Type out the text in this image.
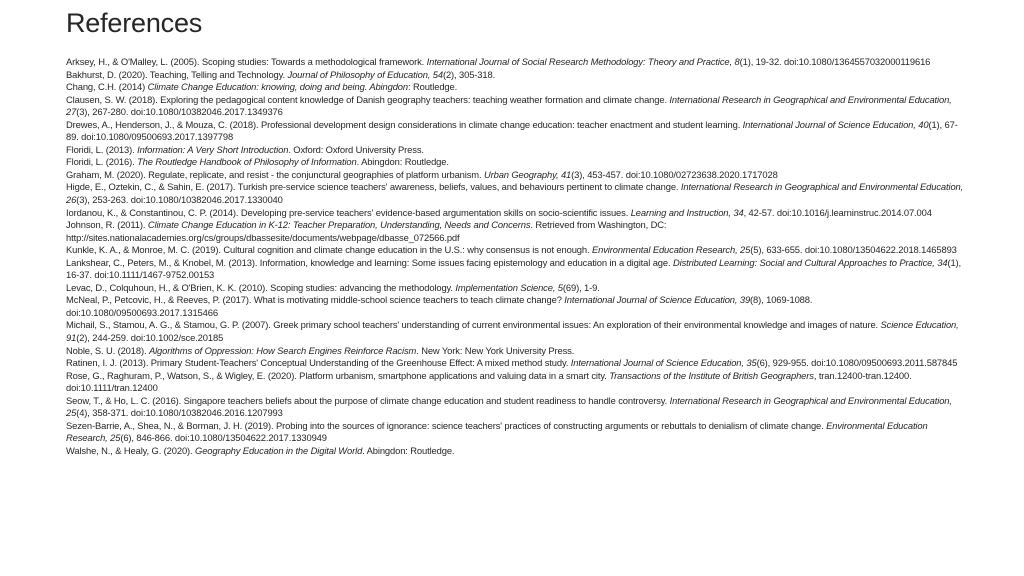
References

Arksey, H., & O'Malley, L. (2005). Scoping studies: Towards a methodological framework. International Journal of Social Research Methodology: Theory and Practice, 8(1), 19-32. doi:10.1080/1364557032000119616

Bakhurst, D. (2020). Teaching, Telling and Technology. Journal of Philosophy of Education, 54(2), 305-318.

Chang, C.H. (2014) Climate Change Education: knowing, doing and being. Abingdon: Routledge.

Clausen, S. W. (2018). Exploring the pedagogical content knowledge of Danish geography teachers: teaching weather formation and climate change. International Research in Geographical and Environmental Education, 27(3), 267-280. doi:10.1080/10382046.2017.1349376

Drewes, A., Henderson, J., & Mouza, C. (2018). Professional development design considerations in climate change education: teacher enactment and student learning. International Journal of Science Education, 40(1), 67-89. doi:10.1080/09500693.2017.1397798

Floridi, L. (2013). Information: A Very Short Introduction. Oxford: Oxford University Press.

Floridi, L. (2016). The Routledge Handbook of Philosophy of Information. Abingdon: Routledge.

Graham, M. (2020). Regulate, replicate, and resist - the conjunctural geographies of platform urbanism. Urban Geography, 41(3), 453-457. doi:10.1080/02723638.2020.1717028

Higde, E., Oztekin, C., & Sahin, E. (2017). Turkish pre-service science teachers' awareness, beliefs, values, and behaviours pertinent to climate change. International Research in Geographical and Environmental Education, 26(3), 253-263. doi:10.1080/10382046.2017.1330040

Iordanou, K., & Constantinou, C. P. (2014). Developing pre-service teachers' evidence-based argumentation skills on socio-scientific issues. Learning and Instruction, 34, 42-57. doi:10.1016/j.learninstruc.2014.07.004

Johnson, R. (2011). Climate Change Education in K-12: Teacher Preparation, Understanding, Needs and Concerns. Retrieved from Washington, DC: http://sites.nationalacademies.org/cs/groups/dbassesite/documents/webpage/dbasse_072566.pdf

Kunkle, K. A., & Monroe, M. C. (2019). Cultural cognition and climate change education in the U.S.: why consensus is not enough. Environmental Education Research, 25(5), 633-655. doi:10.1080/13504622.2018.1465893

Lankshear, C., Peters, M., & Knobel, M. (2013). Information, knowledge and learning: Some issues facing epistemology and education in a digital age. Distributed Learning: Social and Cultural Approaches to Practice, 34(1), 16-37. doi:10.1111/1467-9752.00153

Levac, D., Colquhoun, H., & O'Brien, K. K. (2010). Scoping studies: advancing the methodology. Implementation Science, 5(69), 1-9.

McNeal, P., Petcovic, H., & Reeves, P. (2017). What is motivating middle-school science teachers to teach climate change? International Journal of Science Education, 39(8), 1069-1088. doi:10.1080/09500693.2017.1315466

Michail, S., Stamou, A. G., & Stamou, G. P. (2007). Greek primary school teachers' understanding of current environmental issues: An exploration of their environmental knowledge and images of nature. Science Education, 91(2), 244-259. doi:10.1002/sce.20185

Noble, S. U. (2018). Algorithms of Oppression: How Search Engines Reinforce Racism. New York: New York University Press.

Ratinen, I. J. (2013). Primary Student-Teachers' Conceptual Understanding of the Greenhouse Effect: A mixed method study. International Journal of Science Education, 35(6), 929-955. doi:10.1080/09500693.2011.587845

Rose, G., Raghuram, P., Watson, S., & Wigley, E. (2020). Platform urbanism, smartphone applications and valuing data in a smart city. Transactions of the Institute of British Geographers, tran.12400-tran.12400. doi:10.1111/tran.12400

Seow, T., & Ho, L. C. (2016). Singapore teachers beliefs about the purpose of climate change education and student readiness to handle controversy. International Research in Geographical and Environmental Education, 25(4), 358-371. doi:10.1080/10382046.2016.1207993

Sezen-Barrie, A., Shea, N., & Borman, J. H. (2019). Probing into the sources of ignorance: science teachers' practices of constructing arguments or rebuttals to denialism of climate change. Environmental Education Research, 25(6), 846-866. doi:10.1080/13504622.2017.1330949

Walshe, N., & Healy, G. (2020). Geography Education in the Digital World. Abingdon: Routledge.
